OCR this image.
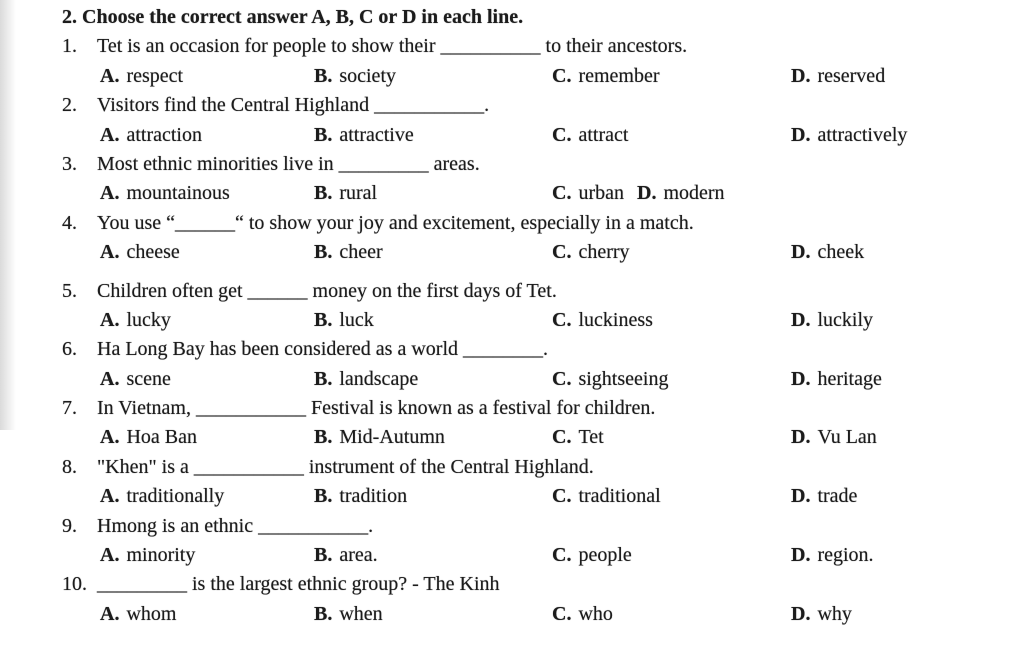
2. Choose the correct answer A, B, C or D in each line.
1. Tet is an occasion for people to show their __________ to their ancestors.
A. respect	B. society	C. remember	D. reserved
2. Visitors find the Central Highland ___________.
A. attraction	B. attractive	C. attract	D. attractively
3. Most ethnic minorities live in _________ areas.
A. mountainous	B. rural	C. urban D. modern
4. You use “______“ to show your joy and excitement, especially in a match.
A. cheese	B. cheer	C. cherry	D. cheek
5. Children often get ______ money on the first days of Tet.
A. lucky	B. luck	C. luckiness	D. luckily
6. Ha Long Bay has been considered as a world ________.
A. scene	B. landscape	C. sightseeing	D. heritage
7. In Vietnam, ___________ Festival is known as a festival for children.
A. Hoa Ban	B. Mid-Autumn	C. Tet	D. Vu Lan
8. "Khen" is a ___________ instrument of the Central Highland.
A. traditionally	B. tradition	C. traditional	D. trade
9. Hmong is an ethnic ___________.
A. minority	B. area.	C. people	D. region.
10. _________ is the largest ethnic group? - The Kinh
A. whom	B. when	C. who	D. why
